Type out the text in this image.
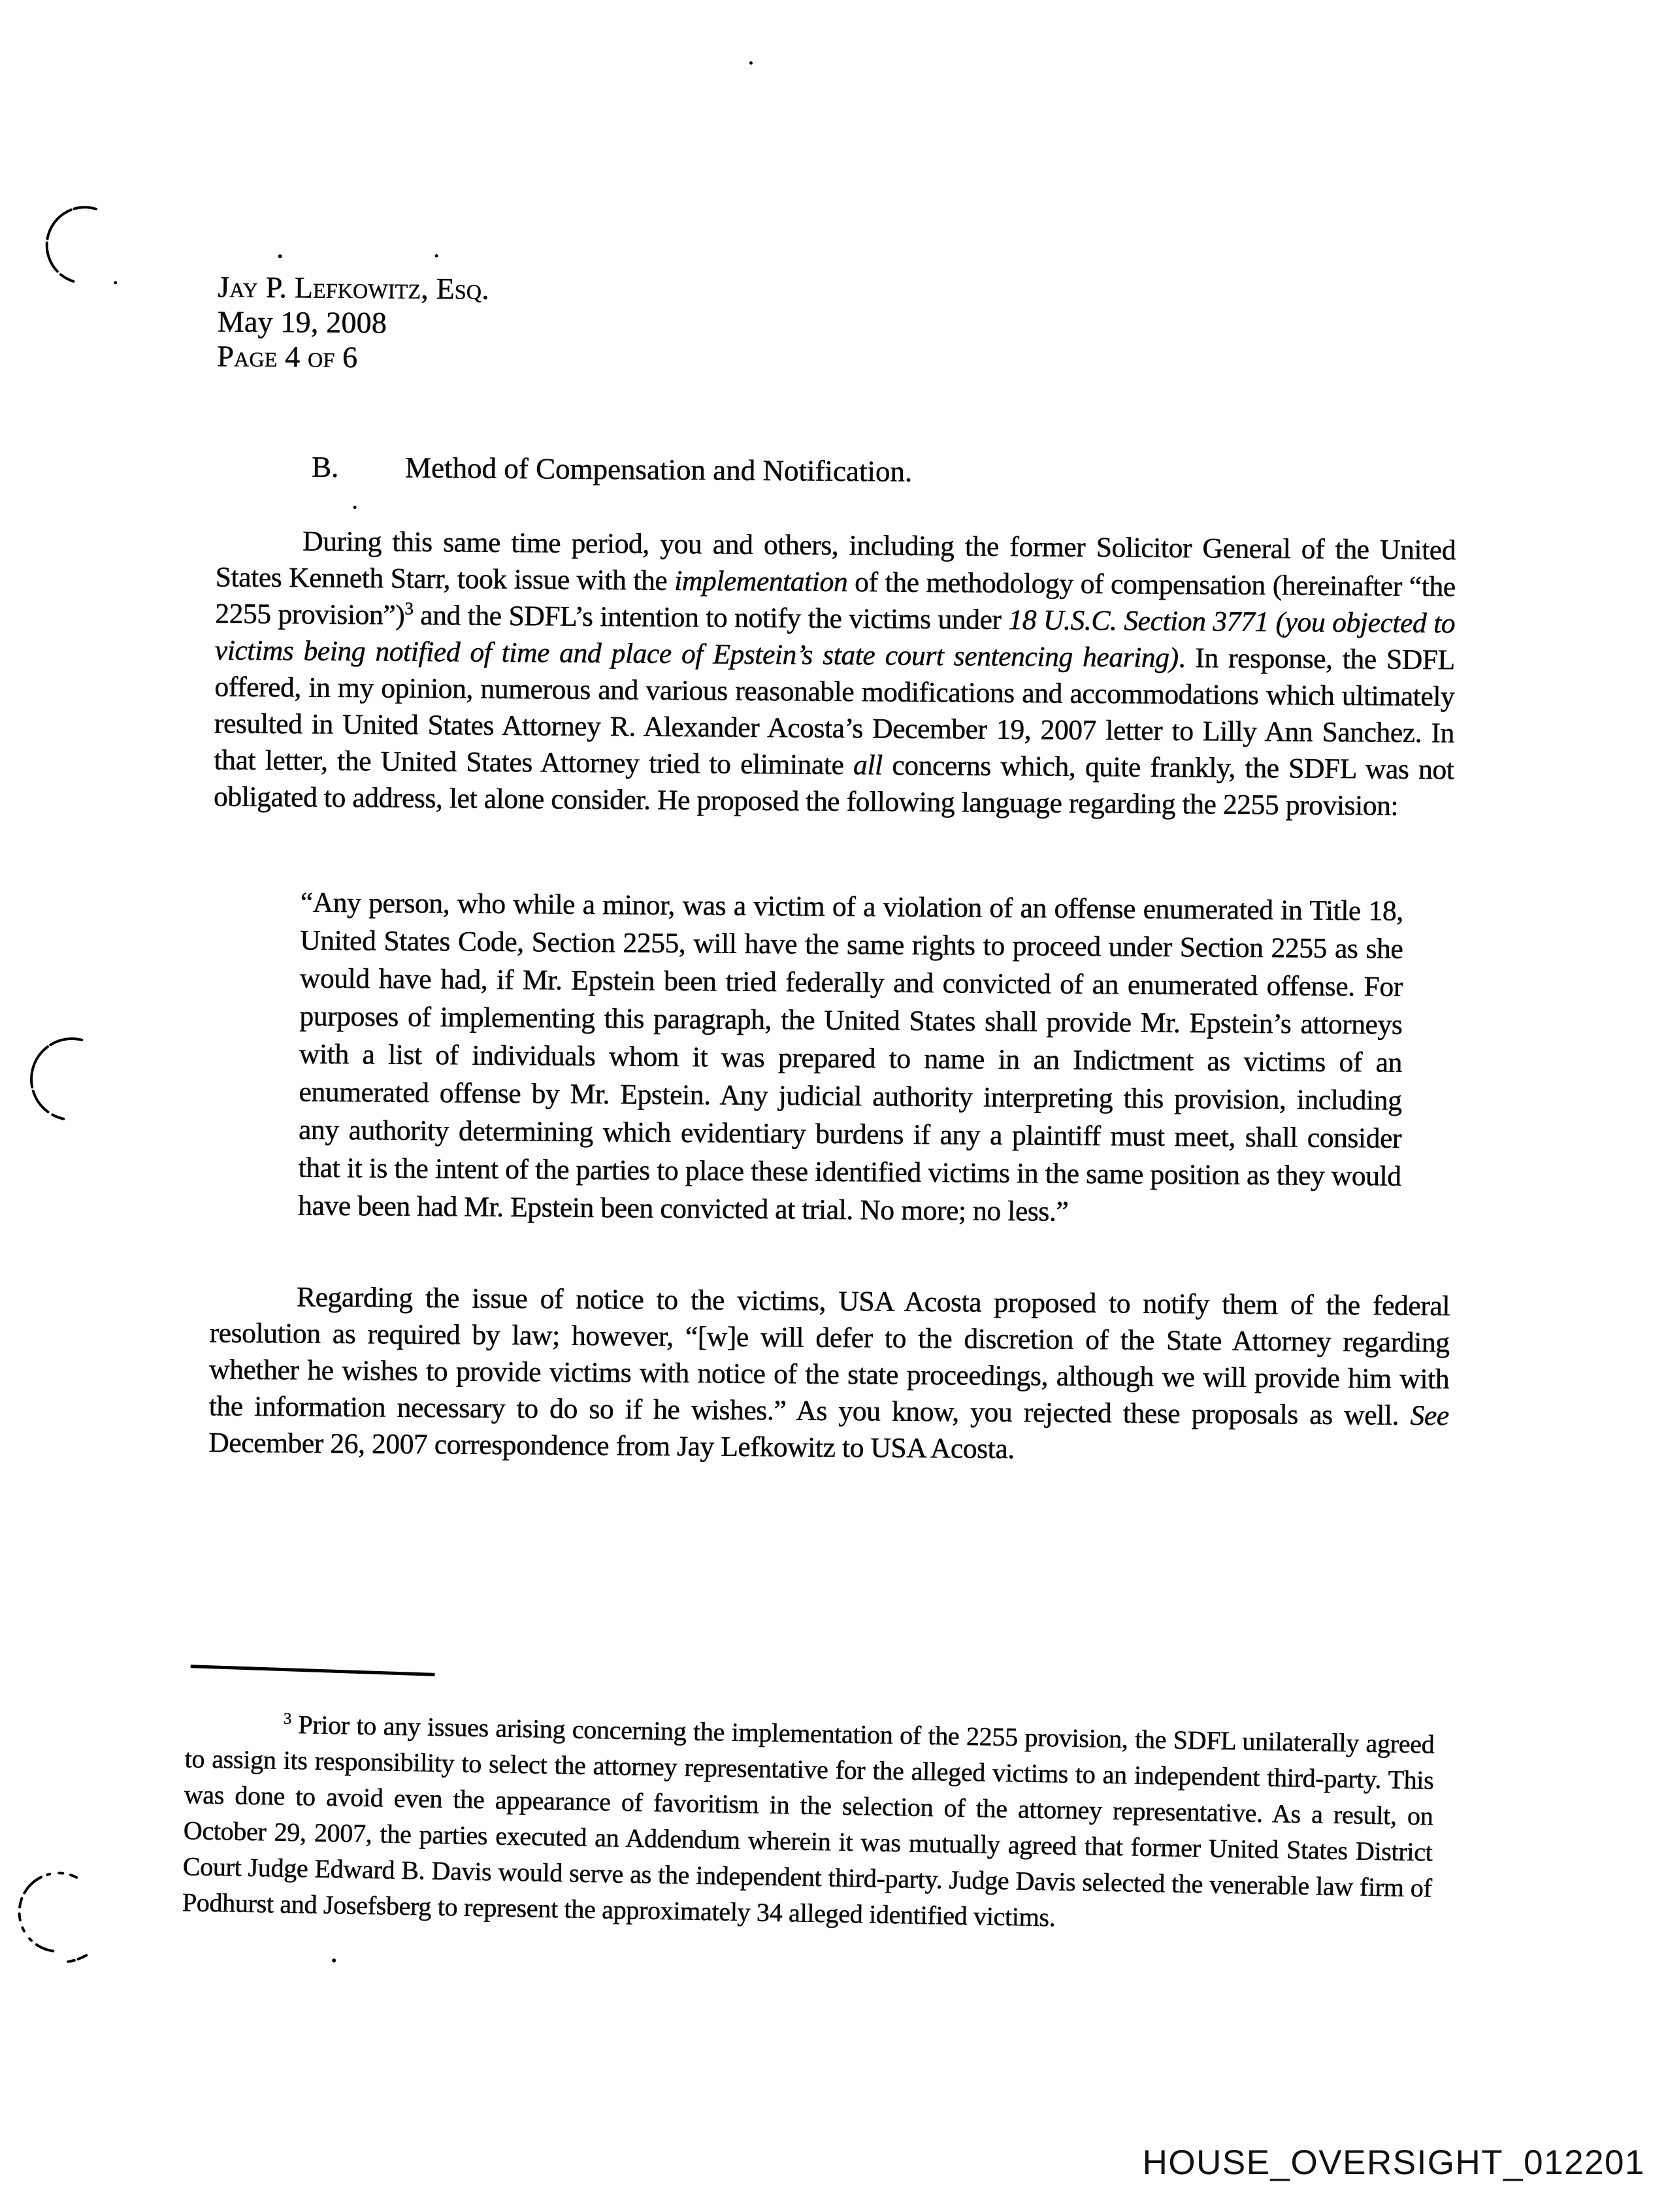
Jay P. Lefkowitz, Esq.
May 19, 2008
Page 4 of 6
B. Method of Compensation and Notification.

During this same time period, you and others, including the former Solicitor General of the United States Kenneth Starr, took issue with the implementation of the methodology of compensation (hereinafter “the 2255 provision”)$^3$ and the SDFL’s intention to notify the victims under 18 U.S.C. Section 3771 (you objected to victims being notified of time and place of Epstein’s state court sentencing hearing). In response, the SDFL offered, in my opinion, numerous and various reasonable modifications and accommodations which ultimately resulted in United States Attorney R. Alexander Acosta’s December 19, 2007 letter to Lilly Ann Sanchez. In that letter, the United States Attorney tried to eliminate all concerns which, quite frankly, the SDFL was not obligated to address, let alone consider. He proposed the following language regarding the 2255 provision:

“Any person, who while a minor, was a victim of a violation of an offense enumerated in Title 18, United States Code, Section 2255, will have the same rights to proceed under Section 2255 as she would have had, if Mr. Epstein been tried federally and convicted of an enumerated offense. For purposes of implementing this paragraph, the United States shall provide Mr. Epstein’s attorneys with a list of individuals whom it was prepared to name in an Indictment as victims of an enumerated offense by Mr. Epstein. Any judicial authority interpreting this provision, including any authority determining which evidentiary burdens if any a plaintiff must meet, shall consider that it is the intent of the parties to place these identified victims in the same position as they would have been had Mr. Epstein been convicted at trial. No more; no less.”

Regarding the issue of notice to the victims, USA Acosta proposed to notify them of the federal resolution as required by law; however, “[w]e will defer to the discretion of the State Attorney regarding whether he wishes to provide victims with notice of the state proceedings, although we will provide him with the information necessary to do so if he wishes.” As you know, you rejected these proposals as well. See December 26, 2007 correspondence from Jay Lefkowitz to USA Acosta.

$^3$ Prior to any issues arising concerning the implementation of the 2255 provision, the SDFL unilaterally agreed to assign its responsibility to select the attorney representative for the alleged victims to an independent third-party. This was done to avoid even the appearance of favoritism in the selection of the attorney representative. As a result, on October 29, 2007, the parties executed an Addendum wherein it was mutually agreed that former United States District Court Judge Edward B. Davis would serve as the independent third-party. Judge Davis selected the venerable law firm of Podhurst and Josefsberg to represent the approximately 34 alleged identified victims.

HOUSE_OVERSIGHT_012201
